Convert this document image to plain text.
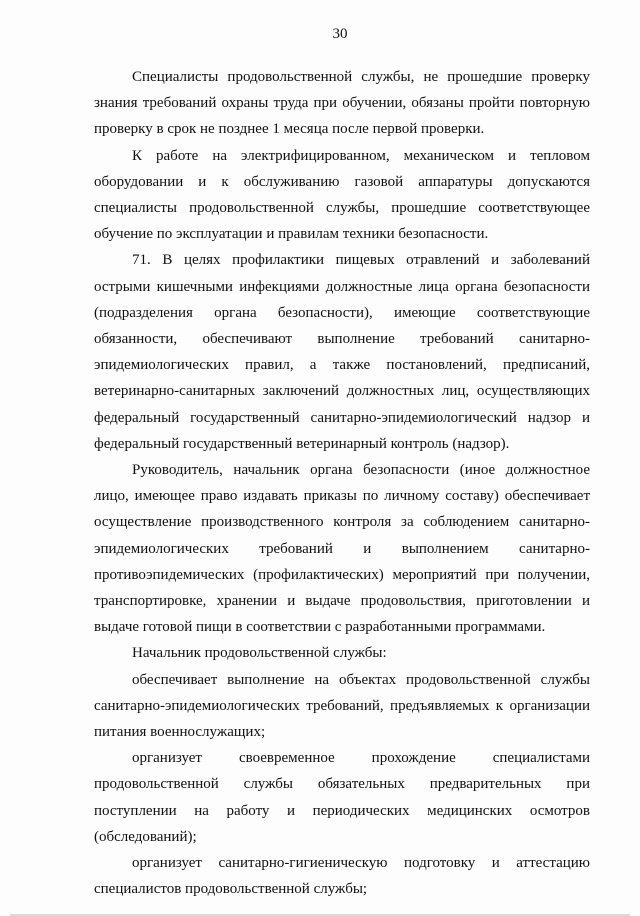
30

Специалисты продовольственной службы, не прошедшие проверку знания требований охраны труда при обучении, обязаны пройти повторную проверку в срок не позднее 1 месяца после первой проверки.

К работе на электрифицированном, механическом и тепловом оборудовании и к обслуживанию газовой аппаратуры допускаются специалисты продовольственной службы, прошедшие соответствующее обучение по эксплуатации и правилам техники безопасности.

71. В целях профилактики пищевых отравлений и заболеваний острыми кишечными инфекциями должностные лица органа безопасности (подразделения органа безопасности), имеющие соответствующие обязанности, обеспечивают выполнение требований санитарно-эпидемиологических правил, а также постановлений, предписаний, ветеринарно-санитарных заключений должностных лиц, осуществляющих федеральный государственный санитарно-эпидемиологический надзор и федеральный государственный ветеринарный контроль (надзор).

Руководитель, начальник органа безопасности (иное должностное лицо, имеющее право издавать приказы по личному составу) обеспечивает осуществление производственного контроля за соблюдением санитарно-эпидемиологических требований и выполнением санитарно-противоэпидемических (профилактических) мероприятий при получении, транспортировке, хранении и выдаче продовольствия, приготовлении и выдаче готовой пищи в соответствии с разработанными программами.

Начальник продовольственной службы:

обеспечивает выполнение на объектах продовольственной службы санитарно-эпидемиологических требований, предъявляемых к организации питания военнослужащих;

организует своевременное прохождение специалистами продовольственной службы обязательных предварительных при поступлении на работу и периодических медицинских осмотров (обследований);

организует санитарно-гигиеническую подготовку и аттестацию специалистов продовольственной службы;
